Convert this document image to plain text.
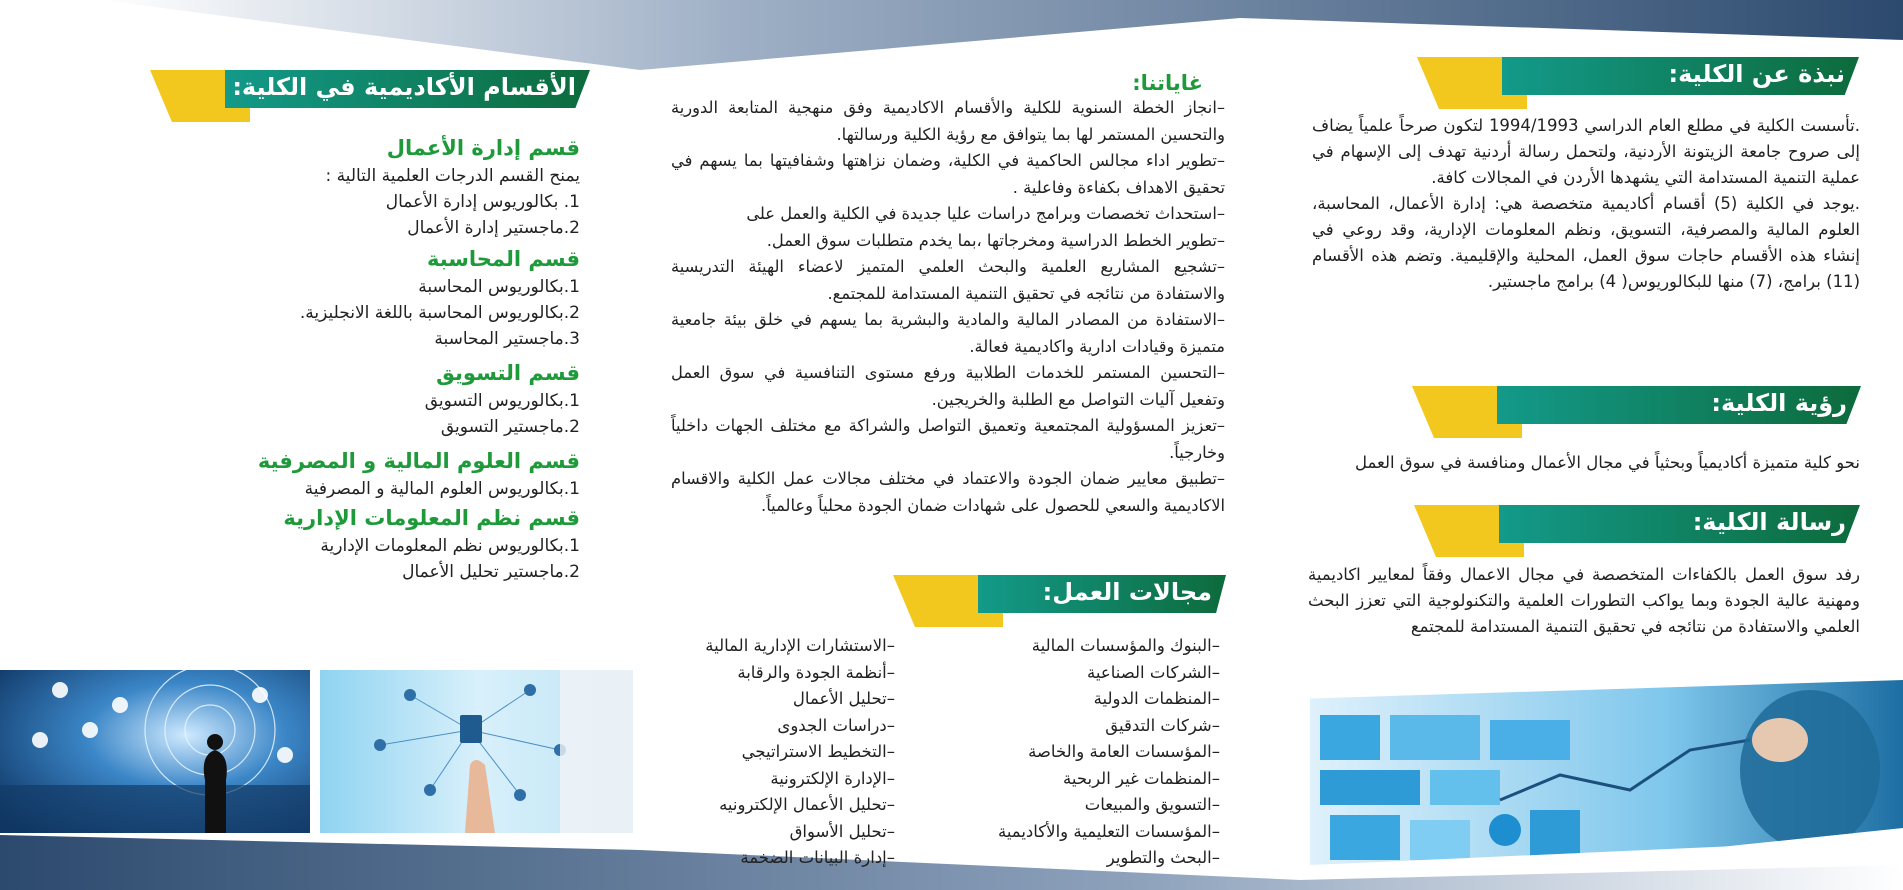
نبذة عن الكلية:

.تأسست الكلية في مطلع العام الدراسي 1994/1993 لتكون صرحاً علمياً يضاف إلى صروح جامعة الزيتونة الأردنية، ولتحمل رسالة أردنية تهدف إلى الإسهام في عملية التنمية المستدامة التي يشهدها الأردن في المجالات كافة.

.يوجد في الكلية (5) أقسام أكاديمية متخصصة هي: إدارة الأعمال، المحاسبة، العلوم المالية والمصرفية، التسويق، ونظم المعلومات الإدارية، وقد روعي في إنشاء هذه الأقسام حاجات سوق العمل، المحلية والإقليمية. وتضم هذه الأقسام (11) برامج، (7) منها للبكالوريوس( 4) برامج ماجستير.

رؤية الكلية:

نحو كلية متميزة أكاديمياً وبحثياً في مجال الأعمال ومنافسة في سوق العمل

رسالة الكلية:

رفد سوق العمل بالكفاءات المتخصصة في مجال الاعمال وفقاً لمعايير اكاديمية ومهنية عالية الجودة وبما يواكب التطورات العلمية والتكنولوجية التي تعزز البحث العلمي والاستفادة من نتائجه في تحقيق التنمية المستدامة للمجتمع

غاياتنا:

–انجاز الخطة السنوية للكلية والأقسام الاكاديمية وفق منهجية المتابعة الدورية والتحسين المستمر لها بما يتوافق مع رؤية الكلية ورسالتها.

–تطوير اداء مجالس الحاكمية في الكلية، وضمان نزاهتها وشفافيتها بما يسهم في تحقيق الاهداف بكفاءة وفاعلية .

–استحداث تخصصات وبرامج دراسات عليا جديدة في الكلية والعمل على

–تطوير الخطط الدراسية ومخرجاتها ،بما يخدم متطلبات سوق العمل.

–تشجيع المشاريع العلمية والبحث العلمي المتميز لاعضاء الهيئة التدريسية والاستفادة من نتائجه في تحقيق التنمية المستدامة للمجتمع.

–الاستفادة من المصادر المالية والمادية والبشرية بما يسهم في خلق بيئة جامعية متميزة وقيادات ادارية واكاديمية فعالة.

–التحسين المستمر للخدمات الطلابية ورفع مستوى التنافسية في سوق العمل وتفعيل آليات التواصل مع الطلبة والخريجين.

–تعزيز المسؤولية المجتمعية وتعميق التواصل والشراكة مع مختلف الجهات داخلياً وخارجياً.

–تطبيق معايير ضمان الجودة والاعتماد في مختلف مجالات عمل الكلية والاقسام الاكاديمية والسعي للحصول على شهادات ضمان الجودة محلياً وعالمياً.

مجالات العمل:
–البنوك والمؤسسات المالية
–الشركات الصناعية
–المنظمات الدولية
–شركات التدقيق
–المؤسسات العامة والخاصة
–المنظمات غير الربحية
–التسويق والمبيعات
–المؤسسات التعليمية والأكاديمية
–البحث والتطوير
–الاستشارات الإدارية المالية
–أنظمة الجودة والرقابة
–تحليل الأعمال
–دراسات الجدوى
–التخطيط الاستراتيجي
–الإدارة الإلكترونية
–تحليل الأعمال الإلكترونيه
–تحليل الأسواق
–إدارة البيانات الضخمة
الأقسام الأكاديمية في الكلية:
قسم إدارة الأعمال

يمنح القسم الدرجات العلمية التالية :

1. بكالوريوس إدارة الأعمال

2.ماجستير إدارة الأعمال

قسم المحاسبة

1.بكالوريوس المحاسبة

2.بكالوريوس المحاسبة باللغة الانجليزية.

3.ماجستير المحاسبة

قسم التسويق

1.بكالوريوس التسويق

2.ماجستير التسويق

قسم العلوم المالية و المصرفية

1.بكالوريوس العلوم المالية و المصرفية

قسم نظم المعلومات الإدارية

1.بكالوريوس نظم المعلومات الإدارية

2.ماجستير تحليل الأعمال
